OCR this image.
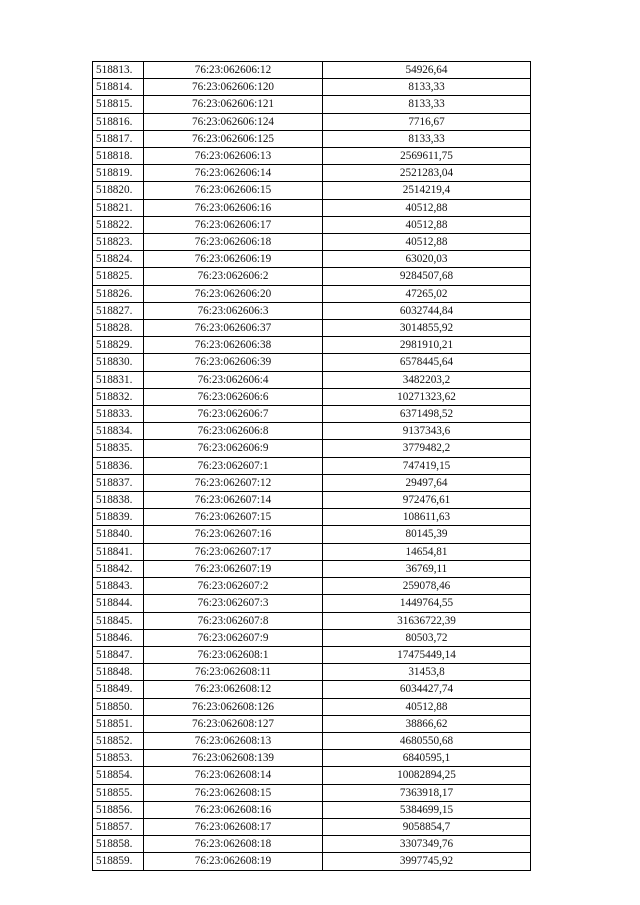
518813.	76:23:062606:12	54926,64
518814.	76:23:062606:120	8133,33
518815.	76:23:062606:121	8133,33
518816.	76:23:062606:124	7716,67
518817.	76:23:062606:125	8133,33
518818.	76:23:062606:13	2569611,75
518819.	76:23:062606:14	2521283,04
518820.	76:23:062606:15	2514219,4
518821.	76:23:062606:16	40512,88
518822.	76:23:062606:17	40512,88
518823.	76:23:062606:18	40512,88
518824.	76:23:062606:19	63020,03
518825.	76:23:062606:2	9284507,68
518826.	76:23:062606:20	47265,02
518827.	76:23:062606:3	6032744,84
518828.	76:23:062606:37	3014855,92
518829.	76:23:062606:38	2981910,21
518830.	76:23:062606:39	6578445,64
518831.	76:23:062606:4	3482203,2
518832.	76:23:062606:6	10271323,62
518833.	76:23:062606:7	6371498,52
518834.	76:23:062606:8	9137343,6
518835.	76:23:062606:9	3779482,2
518836.	76:23:062607:1	747419,15
518837.	76:23:062607:12	29497,64
518838.	76:23:062607:14	972476,61
518839.	76:23:062607:15	108611,63
518840.	76:23:062607:16	80145,39
518841.	76:23:062607:17	14654,81
518842.	76:23:062607:19	36769,11
518843.	76:23:062607:2	259078,46
518844.	76:23:062607:3	1449764,55
518845.	76:23:062607:8	31636722,39
518846.	76:23:062607:9	80503,72
518847.	76:23:062608:1	17475449,14
518848.	76:23:062608:11	31453,8
518849.	76:23:062608:12	6034427,74
518850.	76:23:062608:126	40512,88
518851.	76:23:062608:127	38866,62
518852.	76:23:062608:13	4680550,68
518853.	76:23:062608:139	6840595,1
518854.	76:23:062608:14	10082894,25
518855.	76:23:062608:15	7363918,17
518856.	76:23:062608:16	5384699,15
518857.	76:23:062608:17	9058854,7
518858.	76:23:062608:18	3307349,76
518859.	76:23:062608:19	3997745,92
